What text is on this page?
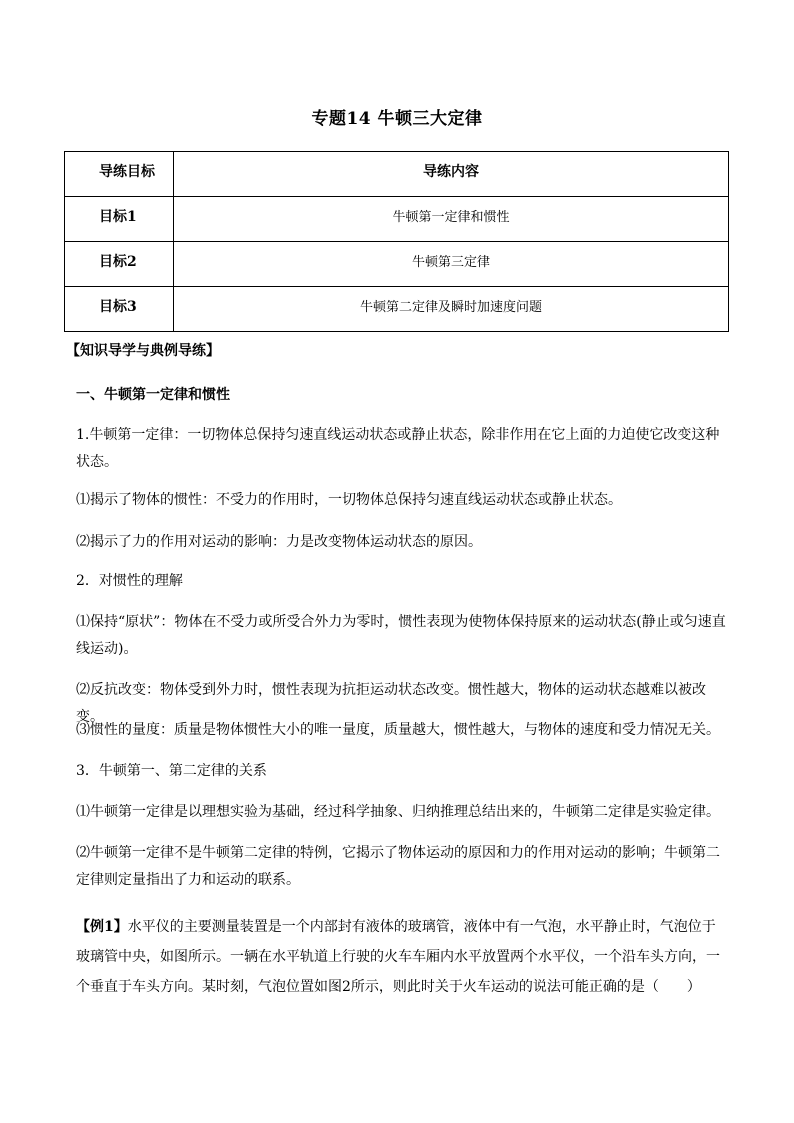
专题14 牛顿三大定律
导练目标	导练内容

目标1	牛顿第一定律和惯性

目标2	牛顿第三定律

目标3	牛顿第二定律及瞬时加速度问题
【知识导学与典例导练】
一、牛顿第一定律和惯性
1.牛顿第一定律：一切物体总保持匀速直线运动状态或静止状态，除非作用在它上面的力迫使它改变这种状态。
⑴揭示了物体的惯性：不受力的作用时，一切物体总保持匀速直线运动状态或静止状态。
⑵揭示了力的作用对运动的影响：力是改变物体运动状态的原因。
2．对惯性的理解
⑴保持“原状”：物体在不受力或所受合外力为零时，惯性表现为使物体保持原来的运动状态(静止或匀速直线运动)。
⑵反抗改变：物体受到外力时，惯性表现为抗拒运动状态改变。惯性越大，物体的运动状态越难以被改变。
⑶惯性的量度：质量是物体惯性大小的唯一量度，质量越大，惯性越大，与物体的速度和受力情况无关。
3．牛顿第一、第二定律的关系
⑴牛顿第一定律是以理想实验为基础，经过科学抽象、归纳推理总结出来的，牛顿第二定律是实验定律。
⑵牛顿第一定律不是牛顿第二定律的特例，它揭示了物体运动的原因和力的作用对运动的影响；牛顿第二定律则定量指出了力和运动的联系。
【例1】水平仪的主要测量装置是一个内部封有液体的玻璃管，液体中有一气泡，水平静止时，气泡位于玻璃管中央，如图所示。一辆在水平轨道上行驶的火车车厢内水平放置两个水平仪，一个沿车头方向，一个垂直于车头方向。某时刻，气泡位置如图2所示，则此时关于火车运动的说法可能正确的是（　　）
